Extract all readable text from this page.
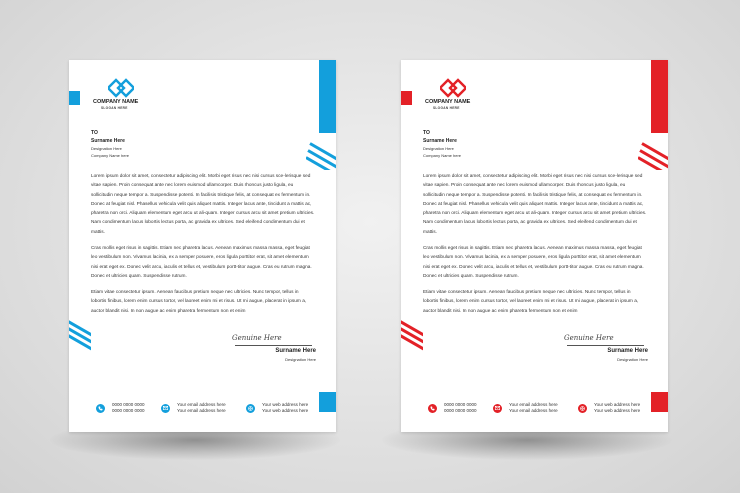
COMPANY NAME
SLOGAN HERE
TO
Surname Here
Designation Here
Company Name here
Lorem ipsum dolor sit amet, consectetur adipiscing elit. Morbi eget risus nec nisi cursus sce-lerisque sed vitae sapien. Proin consequat ante nec lorem euismod ullamcorper. Duis rhoncus justo ligula, eu sollicitudin neque tempor a. Suspendisse potenti. In facilisis tristique felis, at consequat ex fermentum in. Donec at feugiat nisl. Phasellus vehicula velit quis aliquet mattis. Integer lacus ante, tincidunt a mattis ac, pharetra non orci. Aliquam elementum eget arcu ut ali-quam. Integer cursus arcu sit amet pretium ultricies. Nam condimentum lacus lobortis lectus porta, ac gravida ex ultrices. Sed eleifend condimentum dui et mattis.
Cras mollis eget risus in sagittis. Etiam nec pharetra lacus. Aenean maximus massa massa, eget feugiat leo vestibulum non. Vivamus lacinia, ex a semper posuere, eros ligula porttitor erat, sit amet elementum nisi erat eget ex. Donec velit arcu, iaculis et tellus et, vestibulum portt-titor augue. Cras eu rutrum magna. Donec et ultricies quam. Suspendisse rutrum.
Etiam vitae consectetur ipsum. Aenean faucibus pretium neque nec ultricies. Nunc tempor, tellus in lobortis finibus, lorem enim cursus tortor, vel laoreet enim mi et risus. Ut mi augue, placerat in ipsum a, auctor blandit nisi. In non augue ac enim pharetra fermentum non et enim
Genuine Here
Surname Here
Designation Here
0000 0000 0000
0000 0000 0000
Your email address here
Your email address here
Your web address here
Your web address here
COMPANY NAME
SLOGAN HERE
TO
Surname Here
Designation Here
Company Name here
Lorem ipsum dolor sit amet, consectetur adipiscing elit. Morbi eget risus nec nisi cursus sce-lerisque sed vitae sapien. Proin consequat ante nec lorem euismod ullamcorper. Duis rhoncus justo ligula, eu sollicitudin neque tempor a. Suspendisse potenti. In facilisis tristique felis, at consequat ex fermentum in. Donec at feugiat nisl. Phasellus vehicula velit quis aliquet mattis. Integer lacus ante, tincidunt a mattis ac, pharetra non orci. Aliquam elementum eget arcu ut ali-quam. Integer cursus arcu sit amet pretium ultricies. Nam condimentum lacus lobortis lectus porta, ac gravida ex ultrices. Sed eleifend condimentum dui et mattis.
Cras mollis eget risus in sagittis. Etiam nec pharetra lacus. Aenean maximus massa massa, eget feugiat leo vestibulum non. Vivamus lacinia, ex a semper posuere, eros ligula porttitor erat, sit amet elementum nisi erat eget ex. Donec velit arcu, iaculis et tellus et, vestibulum portt-titor augue. Cras eu rutrum magna. Donec et ultricies quam. Suspendisse rutrum.
Etiam vitae consectetur ipsum. Aenean faucibus pretium neque nec ultricies. Nunc tempor, tellus in lobortis finibus, lorem enim cursus tortor, vel laoreet enim mi et risus. Ut mi augue, placerat in ipsum a, auctor blandit nisi. In non augue ac enim pharetra fermentum non et enim
Genuine Here
Surname Here
Designation Here
0000 0000 0000
0000 0000 0000
Your email address here
Your email address here
Your web address here
Your web address here
